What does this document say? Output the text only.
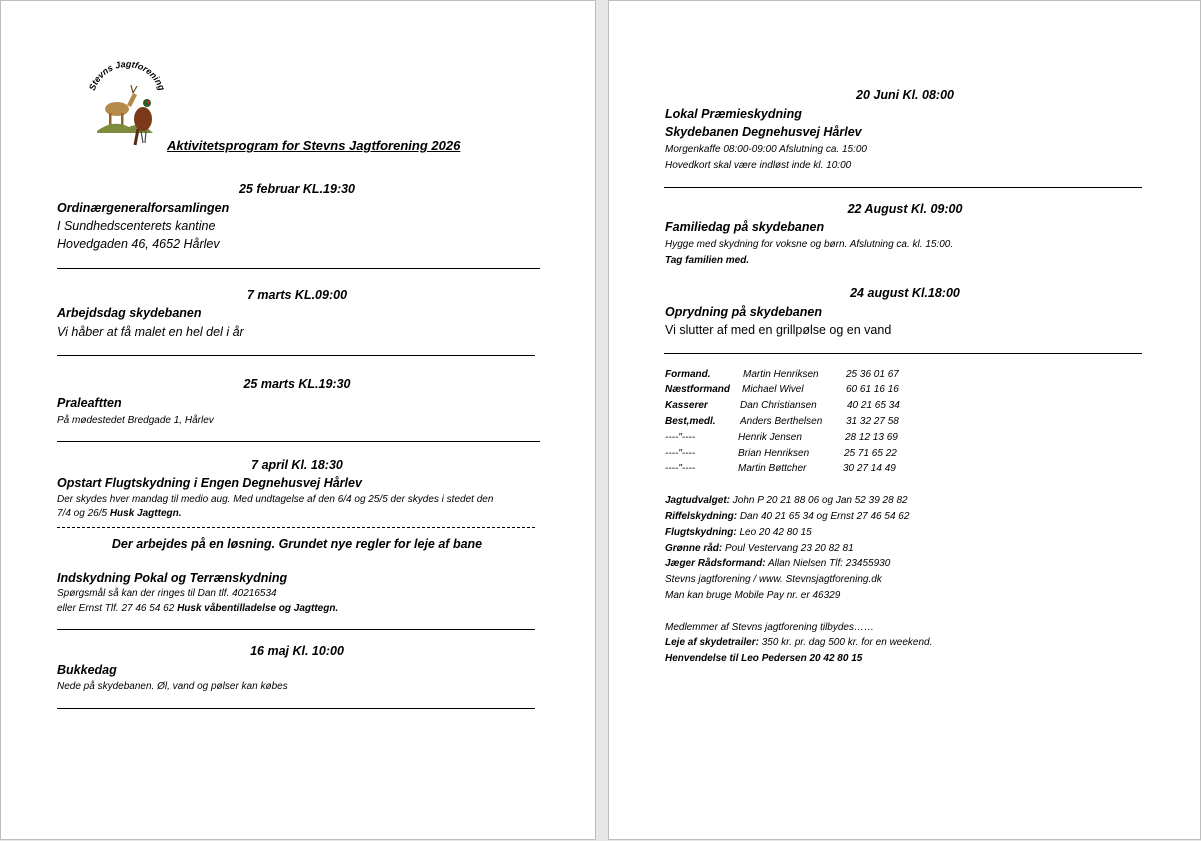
Stevns Jagtforening
Aktivitetsprogram for Stevns Jagtforening 2026
25 februar KL.19:30
Ordinærgeneralforsamlingen
I Sundhedscenterets kantine
Hovedgaden 46, 4652 Hårlev
7 marts KL.09:00
Arbejdsdag skydebanen
Vi håber at få malet en hel del i år
25 marts KL.19:30
Praleaftten
På mødestedet Bredgade 1, Hårlev
7 april Kl. 18:30
Opstart Flugtskydning i Engen Degnehusvej Hårlev
Der skydes hver mandag til medio aug. Med undtagelse af den 6/4 og 25/5 der skydes i stedet den
7/4 og 26/5 Husk Jagttegn.
Der arbejdes på en løsning. Grundet nye regler for leje af bane
Indskydning Pokal og Terrænskydning
Spørgsmål så kan der ringes til Dan tlf. 40216534
eller Ernst Tlf. 27 46 54 62 Husk våbentilladelse og Jagttegn.
16 maj Kl. 10:00
Bukkedag
Nede på skydebanen. Øl, vand og pølser kan købes
20 Juni Kl. 08:00
Lokal Præmieskydning
Skydebanen Degnehusvej Hårlev
Morgenkaffe 08:00-09:00 Afslutning ca. 15:00
Hovedkort skal være indløst inde kl. 10:00
22 August Kl. 09:00
Familiedag på skydebanen
Hygge med skydning for voksne og børn. Afslutning ca. kl. 15:00.
Tag familien med.
24 august Kl.18:00
Oprydning på skydebanen
Vi slutter af med en grillpølse og en vand
Formand.	Martin Henriksen	25 36 01 67
Næstformand Michael Wivel	60 61 16 16
Kasserer	Dan Christiansen	40 21 65 34
Best,medl. Anders Berthelsen 31 32 27 58
----"----	Henrik Jensen	28 12 13 69
----"----	Brian Henriksen	25 71 65 22
----"----	Martin Bøttcher	30 27 14 49
Jagtudvalget: John P 20 21 88 06 og Jan 52 39 28 82
Riffelskydning: Dan 40 21 65 34 og Ernst 27 46 54 62
Flugtskydning: Leo 20 42 80 15
Grønne råd: Poul Vestervang 23 20 82 81
Jæger Rådsformand: Allan Nielsen Tlf: 23455930
Stevns jagtforening / www. Stevnsjagtforening.dk
Man kan bruge Mobile Pay nr. er 46329
Medlemmer af Stevns jagtforening tilbydes……
Leje af skydetrailer: 350 kr. pr. dag 500 kr. for en weekend.
Henvendelse til Leo Pedersen 20 42 80 15
